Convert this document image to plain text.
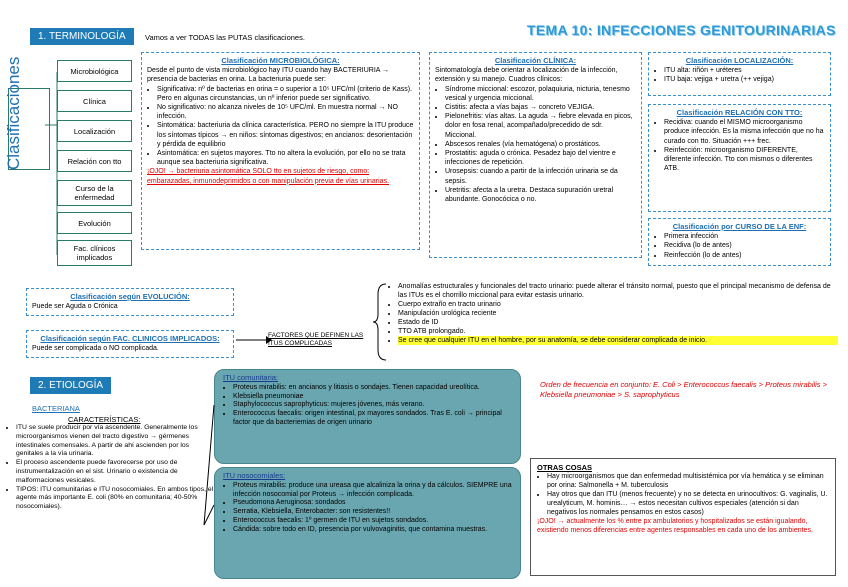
1. TERMINOLOGÍA	TEMA 10: INFECCIONES GENITOURINARIAS
Vamos a ver TODAS las PUTAS clasificaciones.
Clasificaciones	Microbiológica
Clínica
Localización
Relación con tto
Curso de la enfermedad
Evolución
Fac. clínicos implicados
Clasificación MICROBIOLÓGICA:
Desde el punto de vista microbiológico hay ITU cuando hay BACTERIURIA → presencia de bacterias en orina. La bacteriuria puede ser:
• Significativa: nº de bacterias en orina = o superior a 10⁵ UFC/ml (criterio de Kass). Pero en algunas circunstancias, un nº inferior puede ser significativo.
• No significativo: no alcanza niveles de 10⁵ UFC/ml. En muestra normal → NO infección.
• Sintomática: bacteriuria da clínica característica. PERO no siempre la ITU produce los síntomas típicos → en niños: síntomas digestivos; en ancianos: desorientación y pérdida de equilibrio
• Asintomática: en sujetos mayores. Tto no altera la evolución, por ello no se trata aunque sea bacteriuria significativa.
¡OJO! → bacteriuria asintomática SOLO tto en sujetos de riesgo, como: embarazadas, inmunodeprimidos o con manipulación previa de vías urinarias.
Clasificación CLÍNICA:
Sintomatología debe orientar a localización de la infección, extensión y su manejo. Cuadros clínicos:
• Síndrome miccional: escozor, polaquiuria, nicturia, tenesmo vesical y urgencia miccional.
• Cistitis: afecta a vías bajas → concreto VEJIGA.
• Pielonefritis: vías altas. La aguda → fiebre elevada en picos, dolor en fosa renal, acompañado/precedido de sdr. Miccional.
• Abscesos renales (vía hematógena) o prostáticos.
• Prostatitis: aguda o crónica. Pesadez bajo del vientre e infecciones de repetición.
• Urosepsis: cuando a partir de la infección urinaria se da sepsis.
• Uretritis: afecta a la uretra. Destaca supuración uretral abundante. Gonocócica o no.
Clasificación LOCALIZACIÓN:
• ITU alta: riñón + uréteres
• ITU baja: vejiga + uretra (++ vejiga)
Clasificación RELACIÓN CON TTO:
• Recidiva: cuando el MISMO microorganismo produce infección. Es la misma infección que no ha curado con tto. Situación +++ frec.
• Reinfección: microorganismo DIFERENTE, diferente infección. Tto con mismos o diferentes ATB.
Clasificación por CURSO DE LA ENF:
• Primera infección
• Recidiva (lo de antes)
• Reinfección (lo de antes)
Clasificación según EVOLUCIÓN:
Puede ser Aguda o Crónica
Clasificación según FAC. CLINICOS IMPLICADOS:
Puede ser complicada o NO complicada.
FACTORES QUE DEFINEN LAS ITUS COMPLICADAS
• Anomalías estructurales y funcionales del tracto urinario: puede alterar el tránsito normal, puesto que el principal mecanismo de defensa de las ITUs es el chorrillo miccional para evitar estasis urinario.
• Cuerpo extraño en tracto urinario
• Manipulación urológica reciente
• Estado de ID
• TTO ATB prolongado.
• Se cree que cualquier ITU en el hombre, por su anatomía, se debe considerar complicada de inicio.
2. ETIOLOGÍA
BACTERIANA
CARACTERÍSTICAS:
• ITU se suele producir por vía ascendente. Generalmente los microorganismos vienen del tracto digestivo → gérmenes intestinales comensales. A partir de ahí ascienden por los genitales a la vía urinaria.
• El proceso ascendente puede favorecerse por uso de instrumentalización en el sist. Urinario o existencia de malformaciones vesicales.
• TIPOS: ITU comunitarias e ITU nosocomiales. En ambos tipos, el agente más importante E. coli (80% en comunitaria; 40-50% nosocomiales).
ITU comunitaria:
• Proteus mirabilis: en ancianos y litiasis o sondajes. Tienen capacidad ureolítica.
• Klebsiella pneumoniae
• Staphylococcus saprophyticus: mujeres jóvenes, más verano.
• Enterococcus faecalis: origen intestinal, px mayores sondados. Tras E. coli → principal factor que da bacteriemias de origen urinario
ITU nosocomiales:
• Proteus mirabilis: produce una ureasa que alcaliniza la orina y da cálculos. SIEMPRE una infección nosocomial por Proteus → infección complicada.
• Pseudomona Aeruginosa: sondados
• Serratia, Klebsiella, Enterobacter: son resistentes!!
• Enterococcus faecalis: 1º germen de ITU en sujetos sondados.
• Cándida: sobre todo en ID, presencia por vulvovaginitis, que contamina muestras.
Orden de frecuencia en conjunto: E. Coli > Enterococcus faecalis > Proteus mirabilis > Klebsiella pneumoniae > S. saprophyticus
OTRAS COSAS
• Hay microorganismos que dan enfermedad multisistémica por vía hemática y se eliminan por orina: Salmonella + M. tuberculosis
• Hay otros que dan ITU (menos frecuente) y no se detecta en urinocultivos: G. vaginalis, U. urealyticum, M. hominis… → estos necesitan cultivos especiales (atención si dan negativos los normales pensamos en estos casos)
¡OJO! → actualmente los % entre px ambulatorios y hospitalizados se están igualando, existiendo menos diferencias entre agentes responsables en cada uno de los ambientes.
